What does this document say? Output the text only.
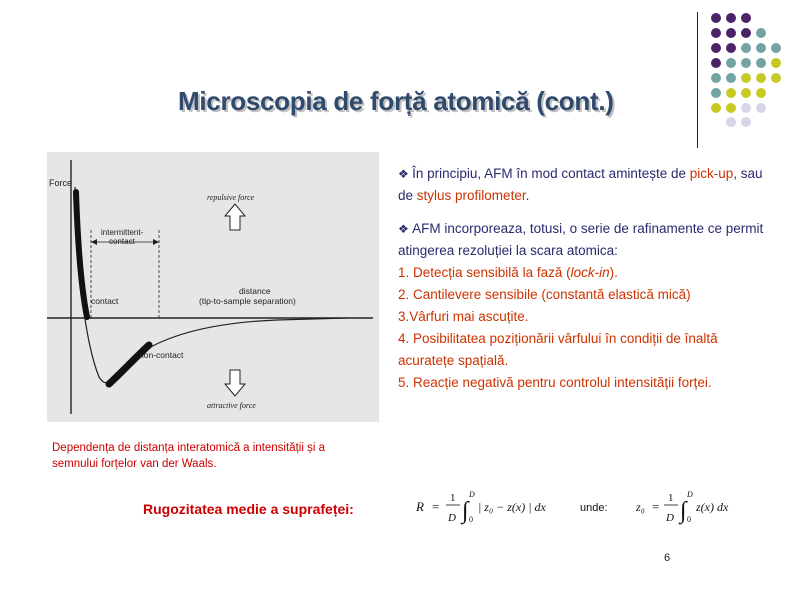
Microscopia de forță atomică (cont.)
Force
repulsive force
intermittent-
contact
distance
(tip-to-sample separation)
contact
non-contact
attractive force
Dependența de distanța interatomică a intensității și a semnului forțelor van der Waals.

❖ În principiu, AFM în mod contact amintește de pick-up, sau de stylus profilometer.

❖ AFM incorporeaza, totusi, o serie de rafinamente ce permit atingerea rezoluției la scara atomica:

1. Detecția sensibilă la fază (lock-in).

2. Cantilevere sensibile (constantă elastică mică)

3.Vârfuri mai ascuțite.

4. Posibilitatea poziționării vârfului în condiții de înaltă acuratețe spațială.

5. Reacție negativă pentru controlul intensității forței.

Rugozitatea medie a suprafeței:	R =
1
D ∫
D
0
| z₀ − z(x) | dx	unde: z₀ =
1
D ∫
D
0
z(x) dx
6
